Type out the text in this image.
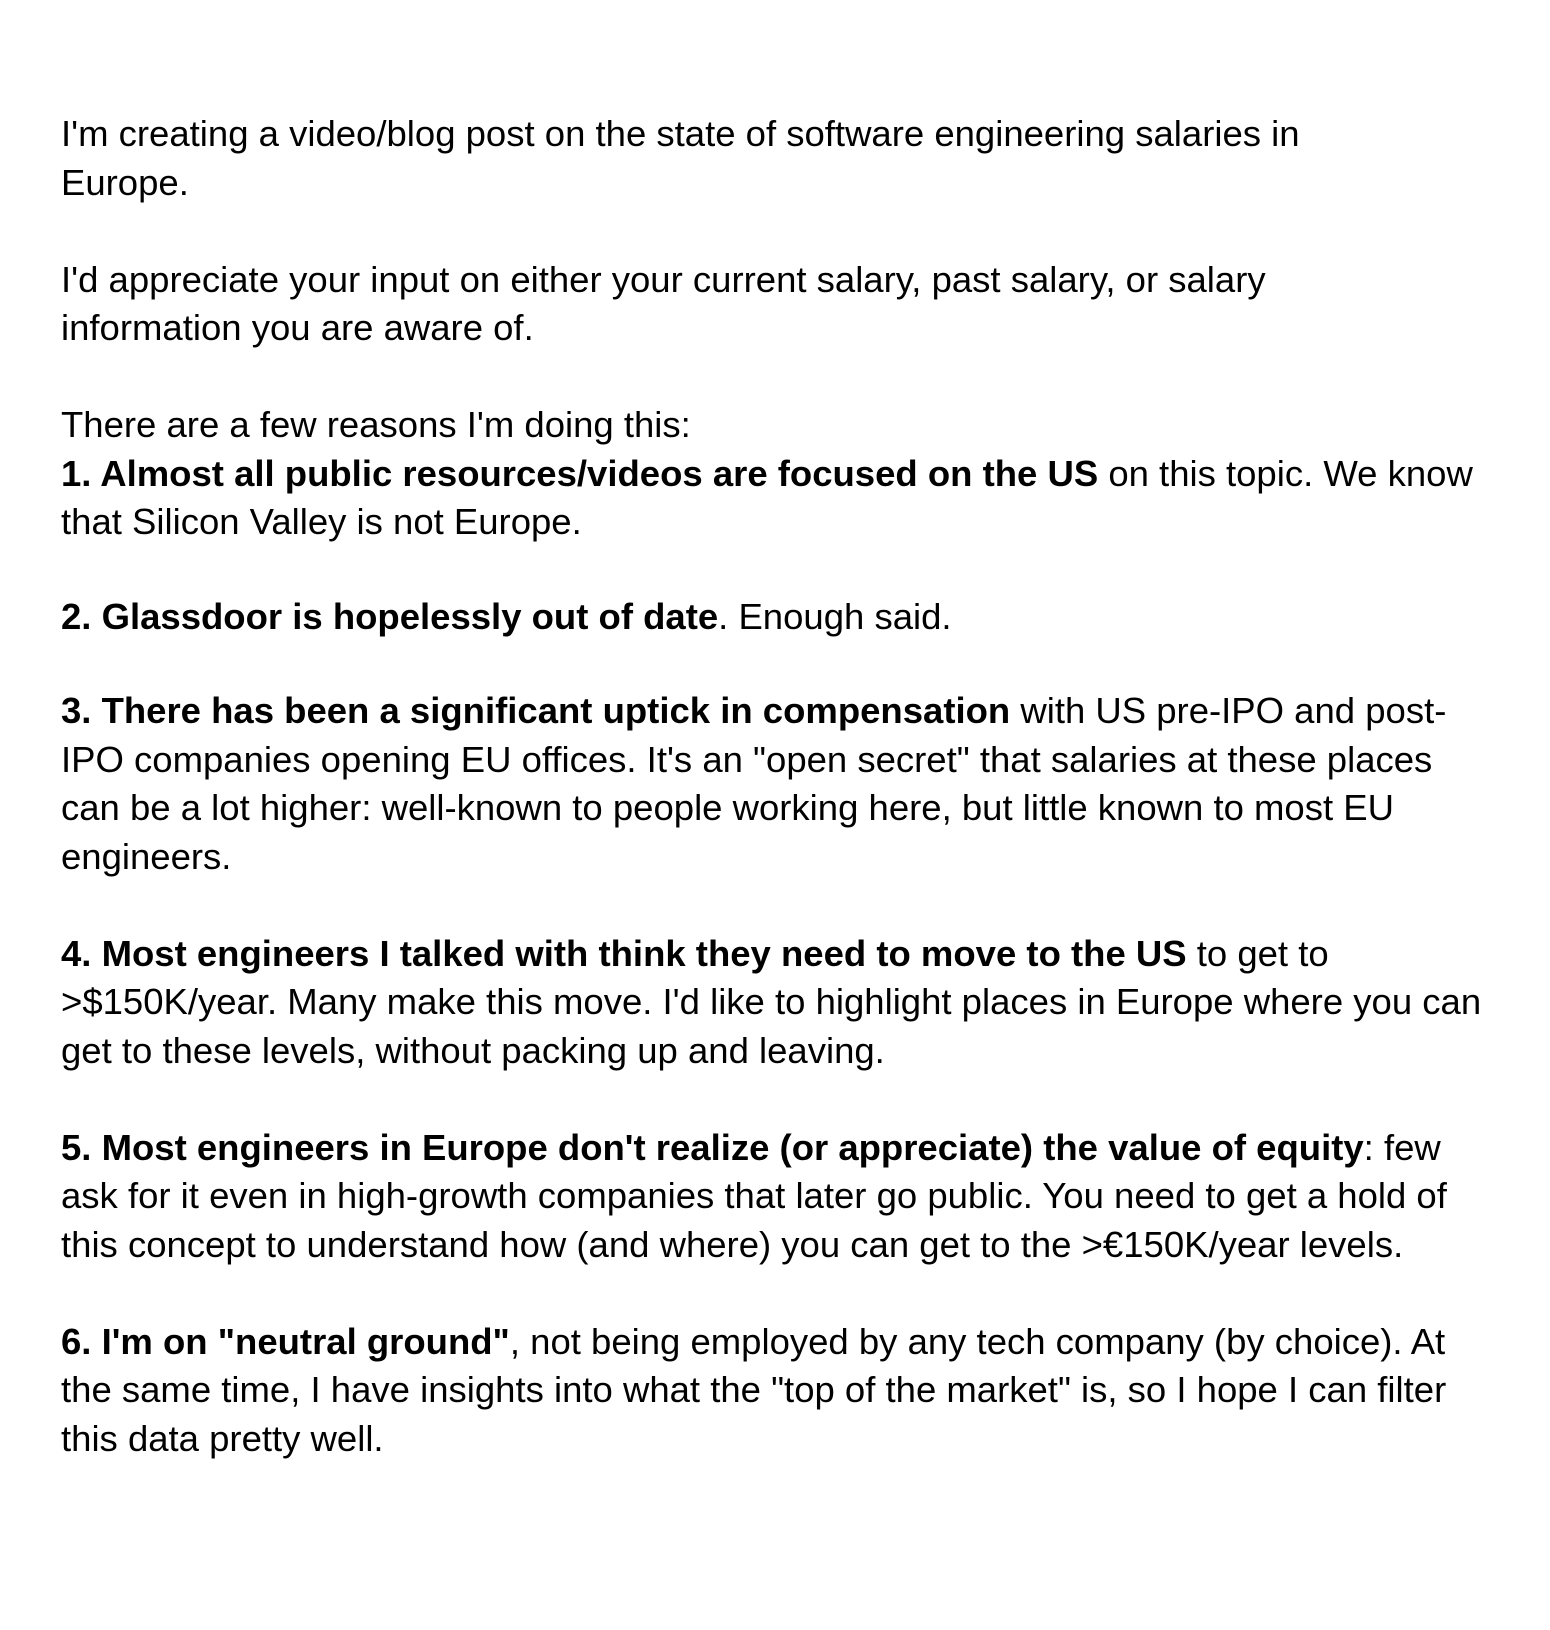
I'm creating a video/blog post on the state of software engineering salaries in Europe.

I'd appreciate your input on either your current salary, past salary, or salary information you are aware of.

There are a few reasons I'm doing this:

1. Almost all public resources/videos are focused on the US on this topic. We know that Silicon Valley is not Europe.

2. Glassdoor is hopelessly out of date. Enough said.

3. There has been a significant uptick in compensation with US pre-IPO and post-IPO companies opening EU offices. It's an "open secret" that salaries at these places can be a lot higher: well-known to people working here, but little known to most EU engineers.

4. Most engineers I talked with think they need to move to the US to get to >$150K/year. Many make this move. I'd like to highlight places in Europe where you can get to these levels, without packing up and leaving.

5. Most engineers in Europe don't realize (or appreciate) the value of equity: few ask for it even in high-growth companies that later go public. You need to get a hold of this concept to understand how (and where) you can get to the >€150K/year levels.

6. I'm on "neutral ground", not being employed by any tech company (by choice). At the same time, I have insights into what the "top of the market" is, so I hope I can filter this data pretty well.
